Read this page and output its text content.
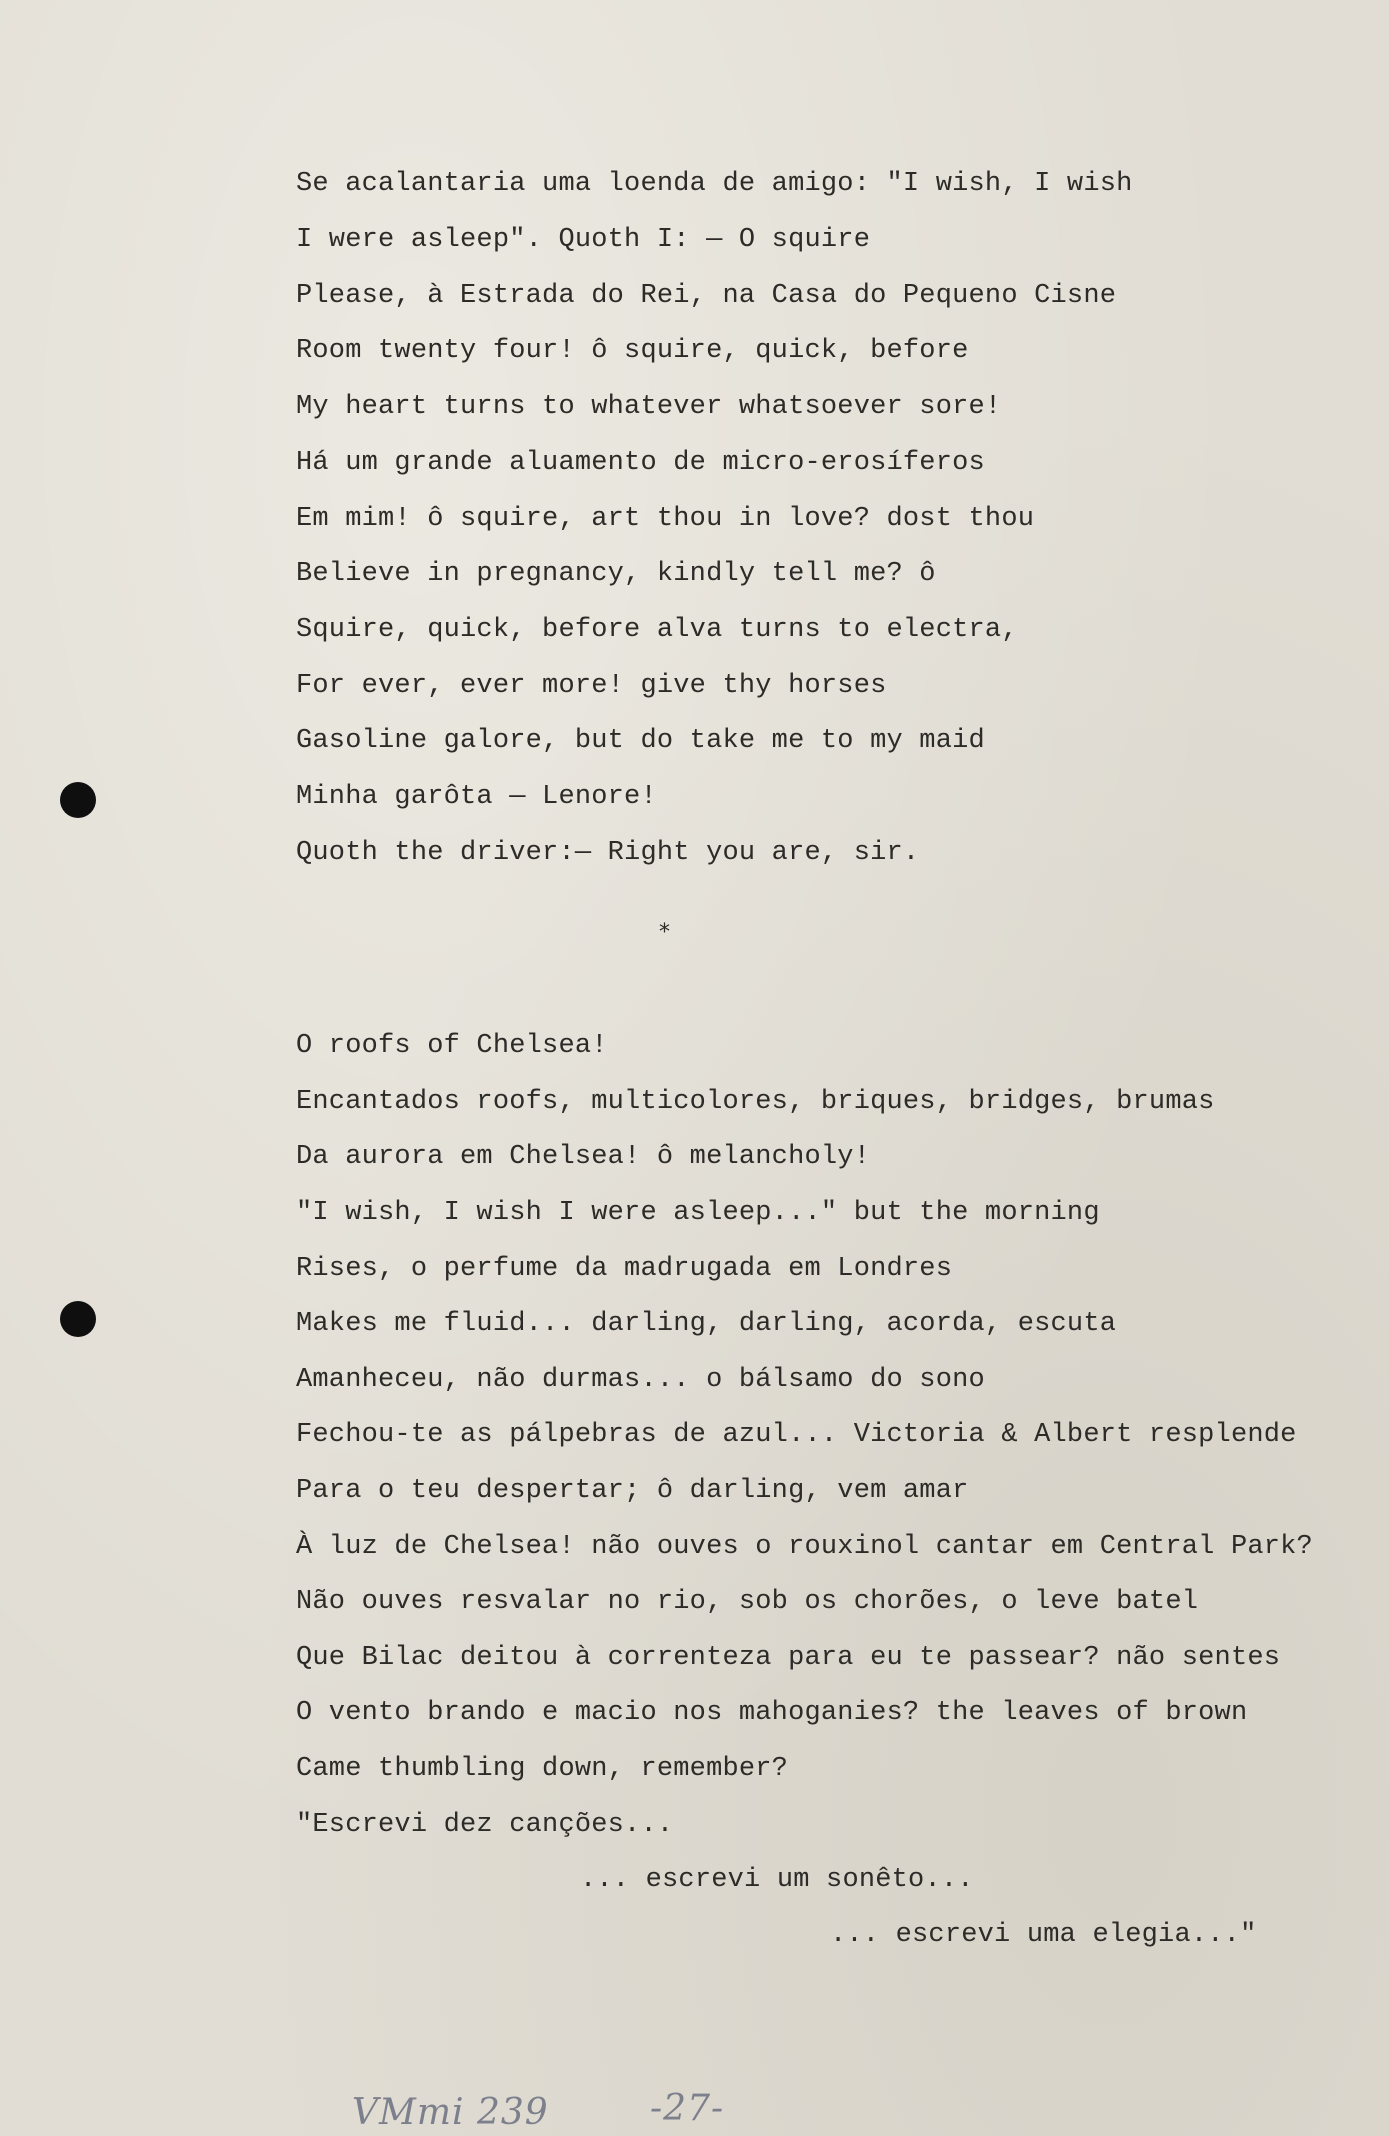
Se acalantaria uma loenda de amigo: "I wish, I wish
I were asleep". Quoth I: — O squire
Please, à Estrada do Rei, na Casa do Pequeno Cisne
Room twenty four! ô squire, quick, before
My heart turns to whatever whatsoever sore!
Há um grande aluamento de micro-erosíferos
Em mim! ô squire, art thou in love? dost thou
Believe in pregnancy, kindly tell me? ô
Squire, quick, before alva turns to electra,
For ever, ever more! give thy horses
Gasoline galore, but do take me to my maid
Minha garôta — Lenore!
Quoth the driver:— Right you are, sir.
*
O roofs of Chelsea!
Encantados roofs, multicolores, briques, bridges, brumas
Da aurora em Chelsea! ô melancholy!
"I wish, I wish I were asleep..." but the morning
Rises, o perfume da madrugada em Londres
Makes me fluid... darling, darling, acorda, escuta
Amanheceu, não durmas... o bálsamo do sono
Fechou-te as pálpebras de azul... Victoria & Albert resplende
Para o teu despertar; ô darling, vem amar
À luz de Chelsea! não ouves o rouxinol cantar em Central Park?
Não ouves resvalar no rio, sob os chorões, o leve batel
Que Bilac deitou à correnteza para eu te passear? não sentes
O vento brando e macio nos mahoganies? the leaves of brown
Came thumbling down, remember?
"Escrevi dez canções...
... escrevi um sonêto...
... escrevi uma elegia..."
VMmi 239	-27-
